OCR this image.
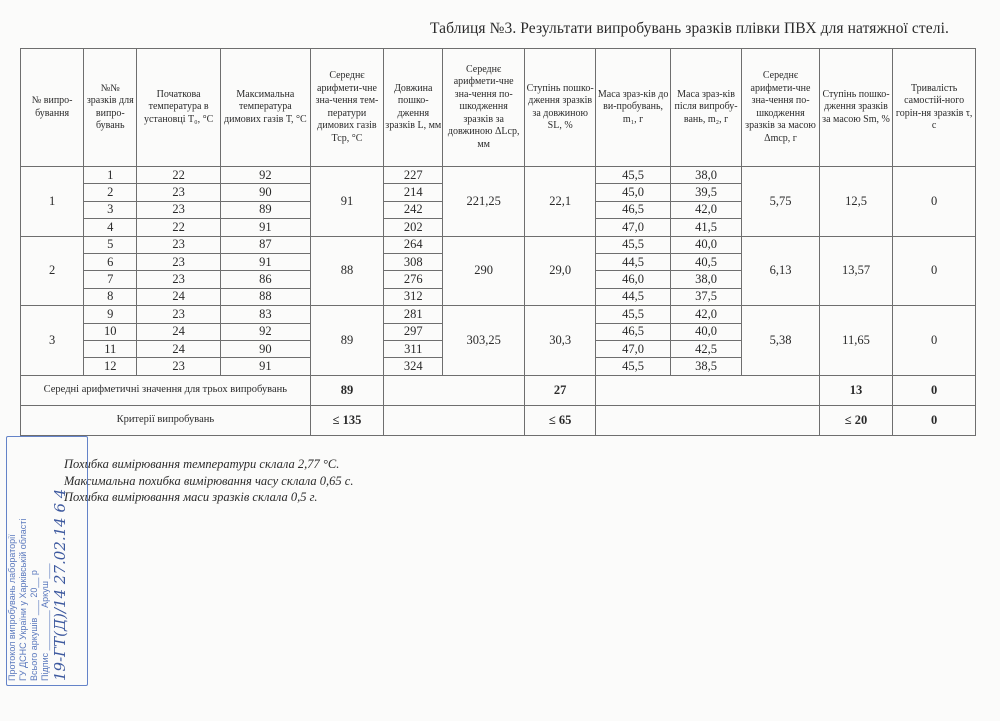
Таблиця №3. Результати випробувань зразків плівки ПВХ для натяжної стелі.
№ випро-бування	№№ зразків для випро-бувань	Початкова температура в установці Т₀, °С	Максимальна температура димових газів Т, °С	Середнє арифмети-чне зна-чення тем-ператури димових газів Тср, °С	Довжина пошко-дження зразків L, мм	Середнє арифмети-чне зна-чення по-шкодження зразків за довжиною ΔLср, мм	Ступінь пошко-дження зразків за довжиною SL, %	Маса зраз-ків до ви-пробувань, m₁, г	Маса зраз-ків після випробу-вань, m₂, г	Середнє арифмети-чне зна-чення по-шкодження зразків за масою Δmср, г	Ступінь пошко-дження зразків за масою Sm, %	Тривалість самостій-ного горін-ня зразків τ, с
1	1	22	92	91	227	221,25	22,1	45,5	38,0	5,75	12,5	0
	2	23	90		214			45,0	39,5			
	3	23	89		242			46,5	42,0			
	4	22	91		202			47,0	41,5			
2	5	23	87	88	264	290	29,0	45,5	40,0	6,13	13,57	0
	6	23	91		308			44,5	40,5			
	7	23	86		276			46,0	38,0			
	8	24	88		312			44,5	37,5			
3	9	23	83	89	281	303,25	30,3	45,5	42,0	5,38	11,65	0
	10	24	92		297			46,5	40,0			
	11	24	90		311			47,0	42,5			
	12	23	91		324			45,5	38,5			
Середні арифметичні значення для трьох випробувань				89			27				13	0
Критерії випробувань				≤ 135			≤ 65				≤ 20	0
Похибка вимірювання температури склала 2,77 °С.
Максимальна похибка вимірювання часу склала 0,65 с.
Похибка вимірювання маси зразків склала 0,5 г.
Протокол випробувань лабораторії ГУ ДСНС України у Харківській області Всього аркушів ___ 20__ р Підпис ________ Аркуш ___ 19-ГТ(Д)/14 27.02.14 6 4
